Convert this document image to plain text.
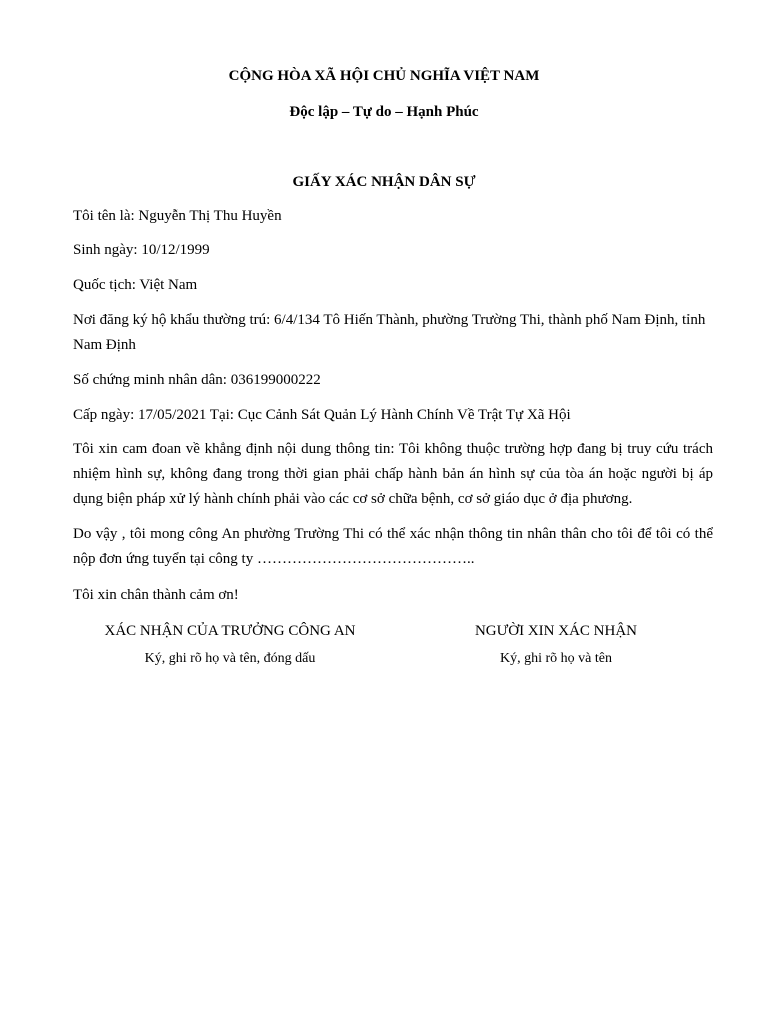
CỘNG HÒA XÃ HỘI CHỦ NGHĨA VIỆT NAM
Độc lập – Tự do – Hạnh Phúc
GIẤY XÁC NHẬN DÂN SỰ
Tôi tên là: Nguyễn Thị Thu Huyền
Sinh ngày: 10/12/1999
Quốc tịch: Việt Nam
Nơi đăng ký hộ khẩu thường trú: 6/4/134 Tô Hiến Thành, phường Trường Thi, thành phố Nam Định, tỉnh Nam Định
Số chứng minh nhân dân: 036199000222
Cấp ngày: 17/05/2021 Tại: Cục Cảnh Sát Quản Lý Hành Chính Về Trật Tự Xã Hội
Tôi xin cam đoan về khẳng định nội dung thông tin: Tôi không thuộc trường hợp đang bị truy cứu trách nhiệm hình sự, không đang trong thời gian phải chấp hành bản án hình sự của tòa án hoặc người bị áp dụng biện pháp xử lý hành chính phải vào các cơ sở chữa bệnh, cơ sở giáo dục ở địa phương.
Do vậy , tôi mong công An phường Trường Thi có thể xác nhận thông tin nhân thân cho tôi để tôi có thể nộp đơn ứng tuyển tại công ty ……………………………………..
Tôi xin chân thành cảm ơn!
XÁC NHẬN CỦA TRƯỞNG CÔNG AN
Ký, ghi rõ họ và tên, đóng dấu
NGƯỜI XIN XÁC NHẬN
Ký, ghi rõ họ và tên
